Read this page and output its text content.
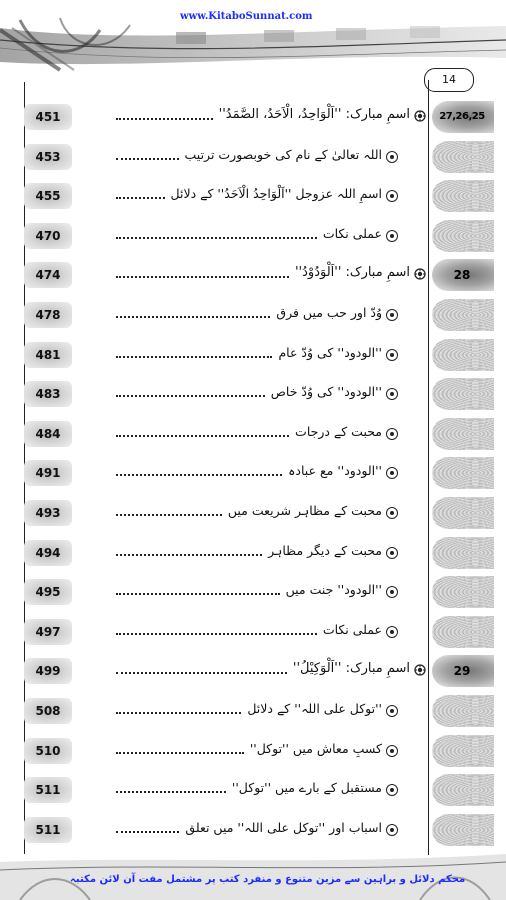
www.KitaboSunnat.com
14
27,26,25
451	اسمِ مبارک: ''اَلْوَاحِدُ، الْاَحَدُ، الصَّمَدُ''
453	اللہ تعالیٰ کے نام کی خوبصورت ترتیب
455	اسمِ اللہ عزوجل ''اَلْوَاحِدُ الْاَحَدُ'' کے دلائل
470	عملی نکات
28
474	اسمِ مبارک: ''اَلْوَدُوْدُ''
478	وُدّ اور حب میں فرق
481	''الودود'' کی وُدّ عام
483	''الودود'' کی وُدّ خاص
484	محبت کے درجات
491	''الودود'' مع عبادہ
493	محبت کے مظاہر شریعت میں
494	محبت کے دیگر مظاہر
495	''الودود'' جنت میں
497	عملی نکات
29
499	اسمِ مبارک: ''اَلْوَكِيْلُ''
508	''توکل علی اللہ'' کے دلائل
510	کسبِ معاش میں ''توکل''
511	مستقبل کے بارے میں ''توکل''
511	اسباب اور ''توکل علی اللہ'' میں تعلق
محکم دلائل و براہین سے مزین متنوع و منفرد کتب پر مشتمل مفت آن لائن مکتبہ
